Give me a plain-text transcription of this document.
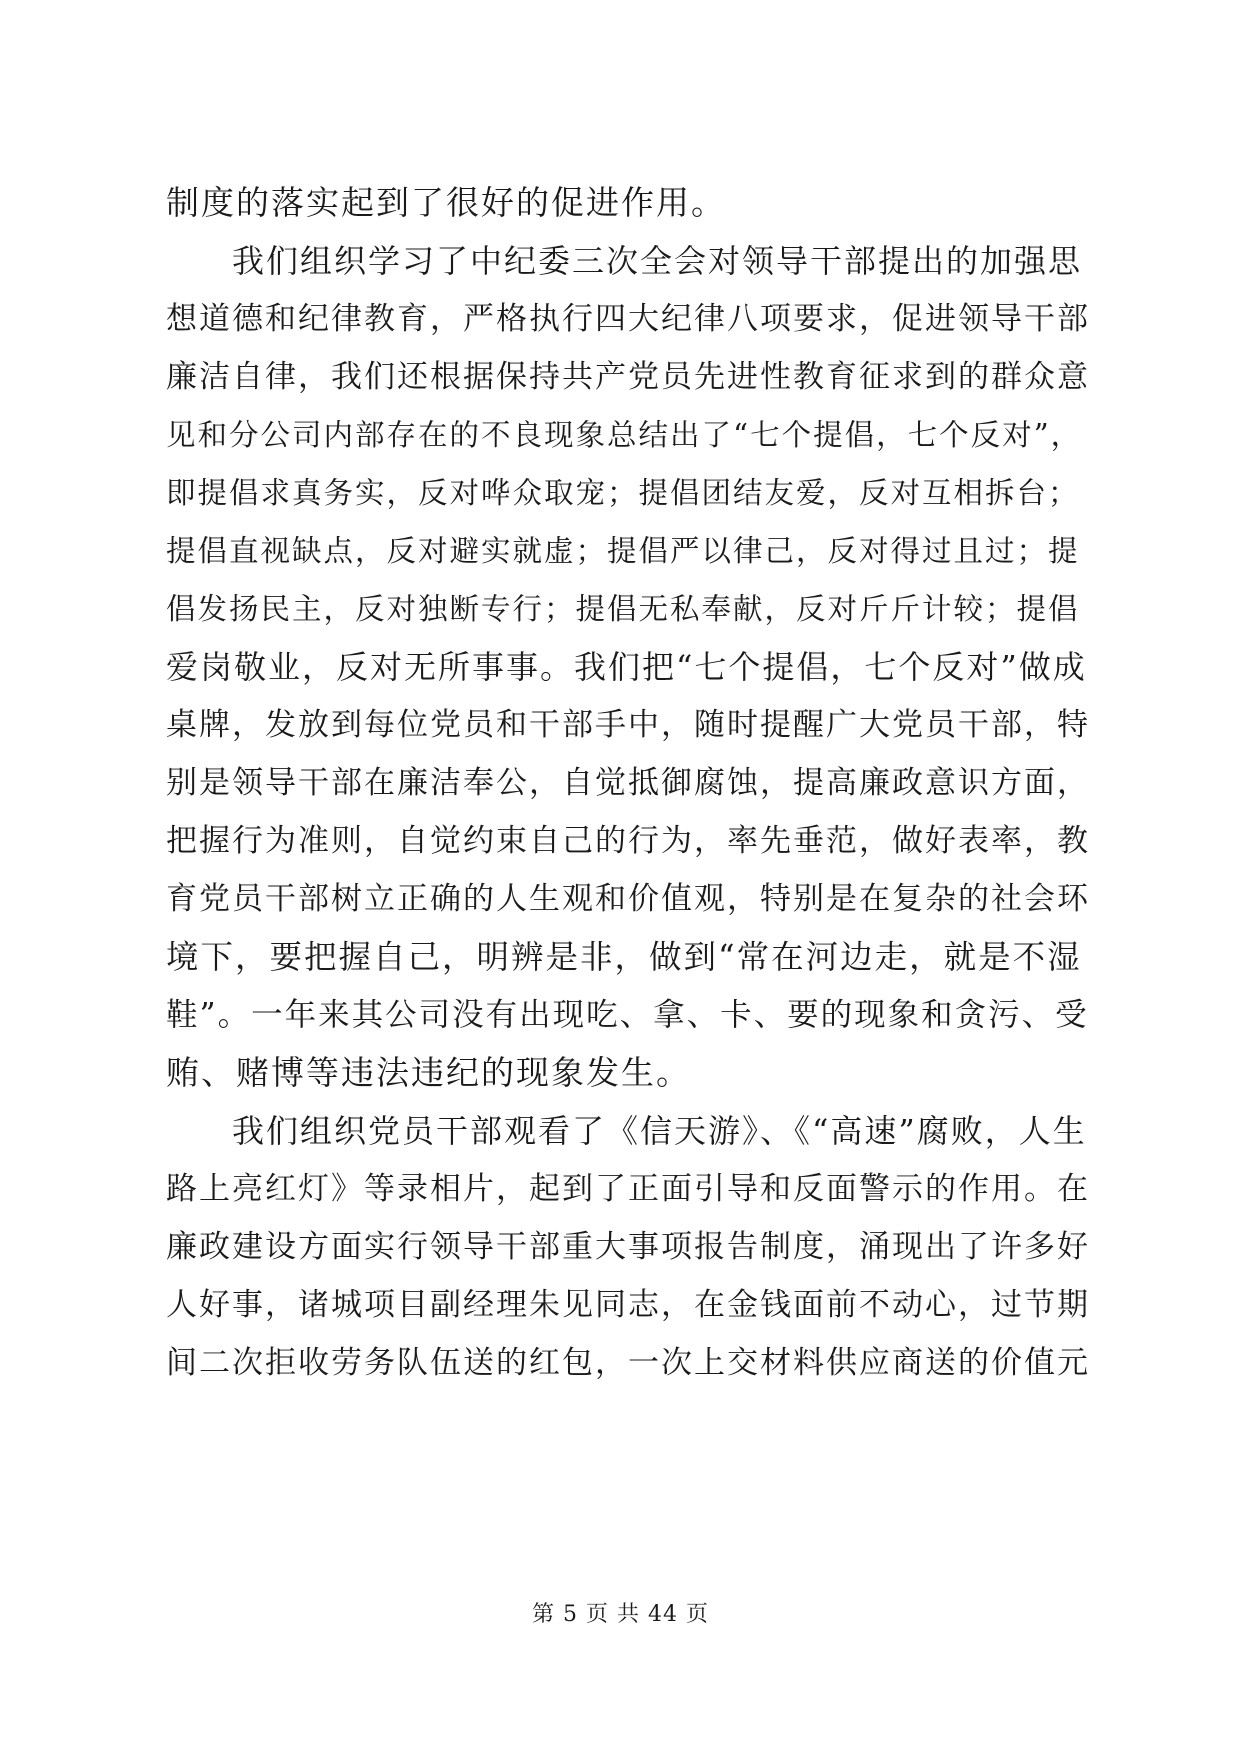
制度的落实起到了很好的促进作用。
我们组织学习了中纪委三次全会对领导干部提出的加强思
想道德和纪律教育，严格执行四大纪律八项要求，促进领导干部
廉洁自律，我们还根据保持共产党员先进性教育征求到的群众意
见和分公司内部存在的不良现象总结出了“七个提倡，七个反对”，
即提倡求真务实，反对哗众取宠；提倡团结友爱，反对互相拆台；
提倡直视缺点，反对避实就虚；提倡严以律己，反对得过且过；提
倡发扬民主，反对独断专行；提倡无私奉献，反对斤斤计较；提倡
爱岗敬业，反对无所事事。我们把“七个提倡，七个反对”做成
桌牌，发放到每位党员和干部手中，随时提醒广大党员干部，特
别是领导干部在廉洁奉公，自觉抵御腐蚀，提高廉政意识方面，
把握行为准则，自觉约束自己的行为，率先垂范，做好表率，教
育党员干部树立正确的人生观和价值观，特别是在复杂的社会环
境下，要把握自己，明辨是非，做到“常在河边走，就是不湿
鞋”。一年来其公司没有出现吃、拿、卡、要的现象和贪污、受
贿、赌博等违法违纪的现象发生。
我们组织党员干部观看了《信天游》、《“高速”腐败，人生
路上亮红灯》等录相片，起到了正面引导和反面警示的作用。在
廉政建设方面实行领导干部重大事项报告制度，涌现出了许多好
人好事，诸城项目副经理朱见同志，在金钱面前不动心，过节期
间二次拒收劳务队伍送的红包，一次上交材料供应商送的价值元
第 5 页 共 44 页
